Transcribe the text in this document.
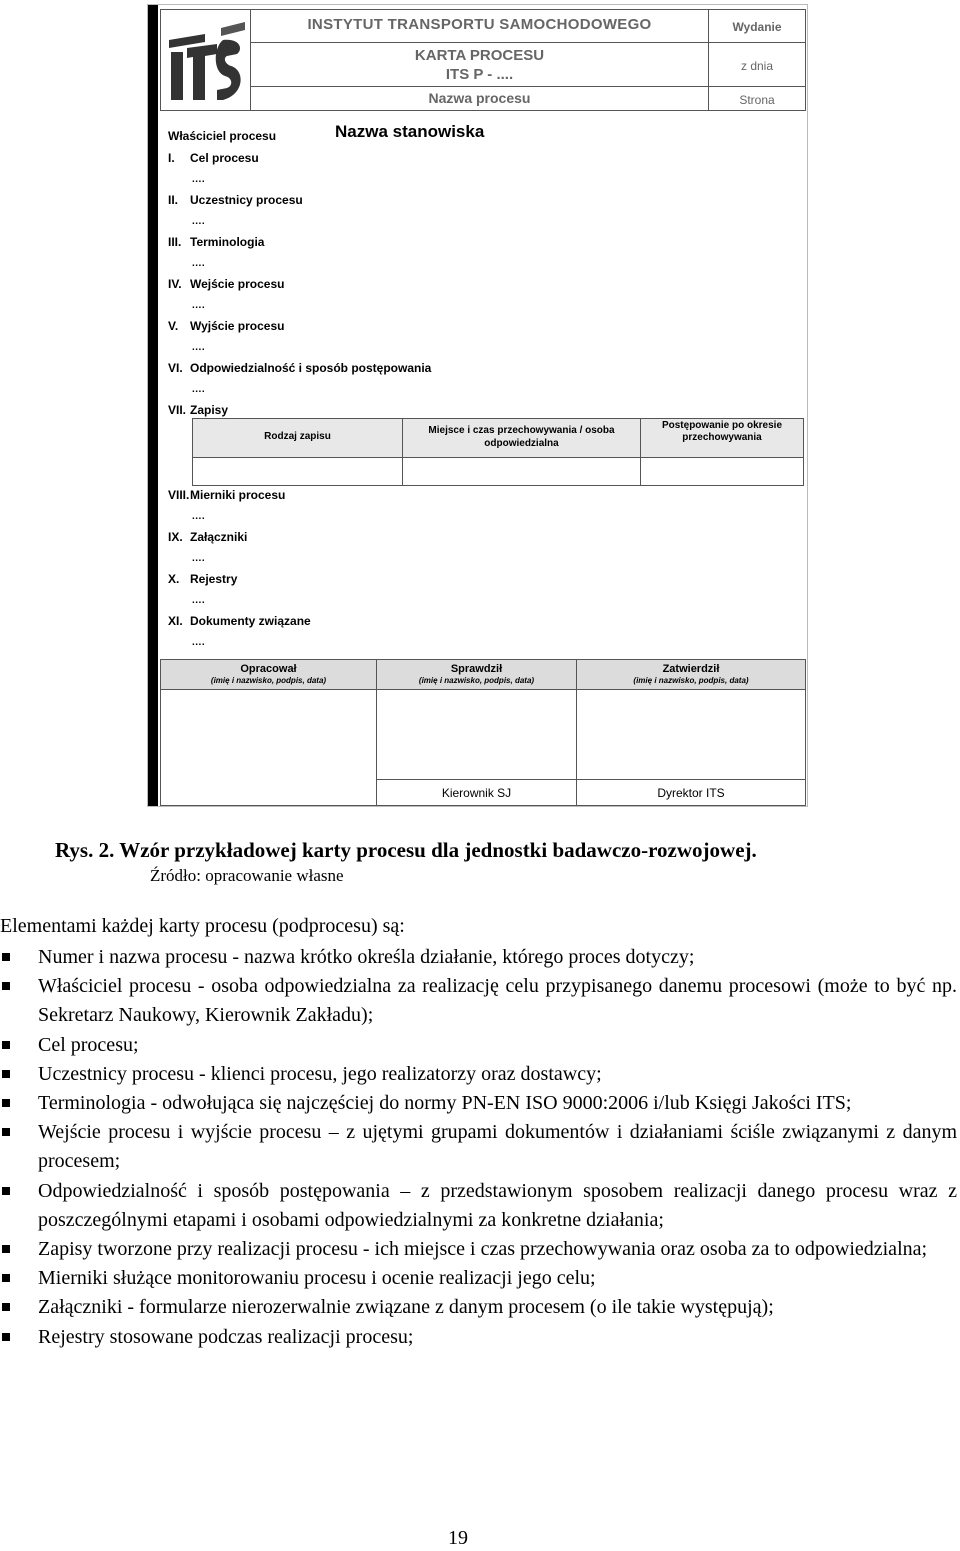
ITS
INSTYTUT TRANSPORTU SAMOCHODOWEGO
KARTA PROCESU
ITS P - ....
Nazwa procesu
Wydanie
z dnia
Strona
Właściciel procesu	Nazwa stanowiska
I. Cel procesu
....
II. Uczestnicy procesu
....
III. Terminologia
....
IV. Wejście procesu
....
V. Wyjście procesu
....
VI. Odpowiedzialność i sposób postępowania
....
VII. Zapisy
Rodzaj zapisu
Miejsce i czas przechowywania / osoba odpowiedzialna
Postępowanie po okresie przechowywania
VIII.Mierniki procesu
....
IX. Załączniki
....
X. Rejestry
....
XI. Dokumenty związane
....
Opracował
(imię i nazwisko, podpis, data)
Sprawdził
(imię i nazwisko, podpis, data)
Kierownik SJ
Zatwierdził
(imię i nazwisko, podpis, data)
Dyrektor ITS
Rys. 2. Wzór przykładowej karty procesu dla jednostki badawczo-rozwojowej.
Źródło: opracowanie własne
Elementami każdej karty procesu (podprocesu) są:
Numer i nazwa procesu - nazwa krótko określa działanie, którego proces dotyczy;
Właściciel procesu - osoba odpowiedzialna za realizację celu przypisanego danemu procesowi (może to być np. Sekretarz Naukowy, Kierownik Zakładu);
Cel procesu;
Uczestnicy procesu - klienci procesu, jego realizatorzy oraz dostawcy;
Terminologia - odwołująca się najczęściej do normy PN-EN ISO 9000:2006 i/lub Księgi Jakości ITS;
Wejście procesu i wyjście procesu – z ujętymi grupami dokumentów i działaniami ściśle związanymi z danym procesem;
Odpowiedzialność i sposób postępowania – z przedstawionym sposobem realizacji danego procesu wraz z poszczególnymi etapami i osobami odpowiedzialnymi za konkretne działania;
Zapisy tworzone przy realizacji procesu - ich miejsce i czas przechowywania oraz osoba za to odpowiedzialna;
Mierniki służące monitorowaniu procesu i ocenie realizacji jego celu;
Załączniki - formularze nierozerwalnie związane z danym procesem (o ile takie występują);
Rejestry stosowane podczas realizacji procesu;
19
